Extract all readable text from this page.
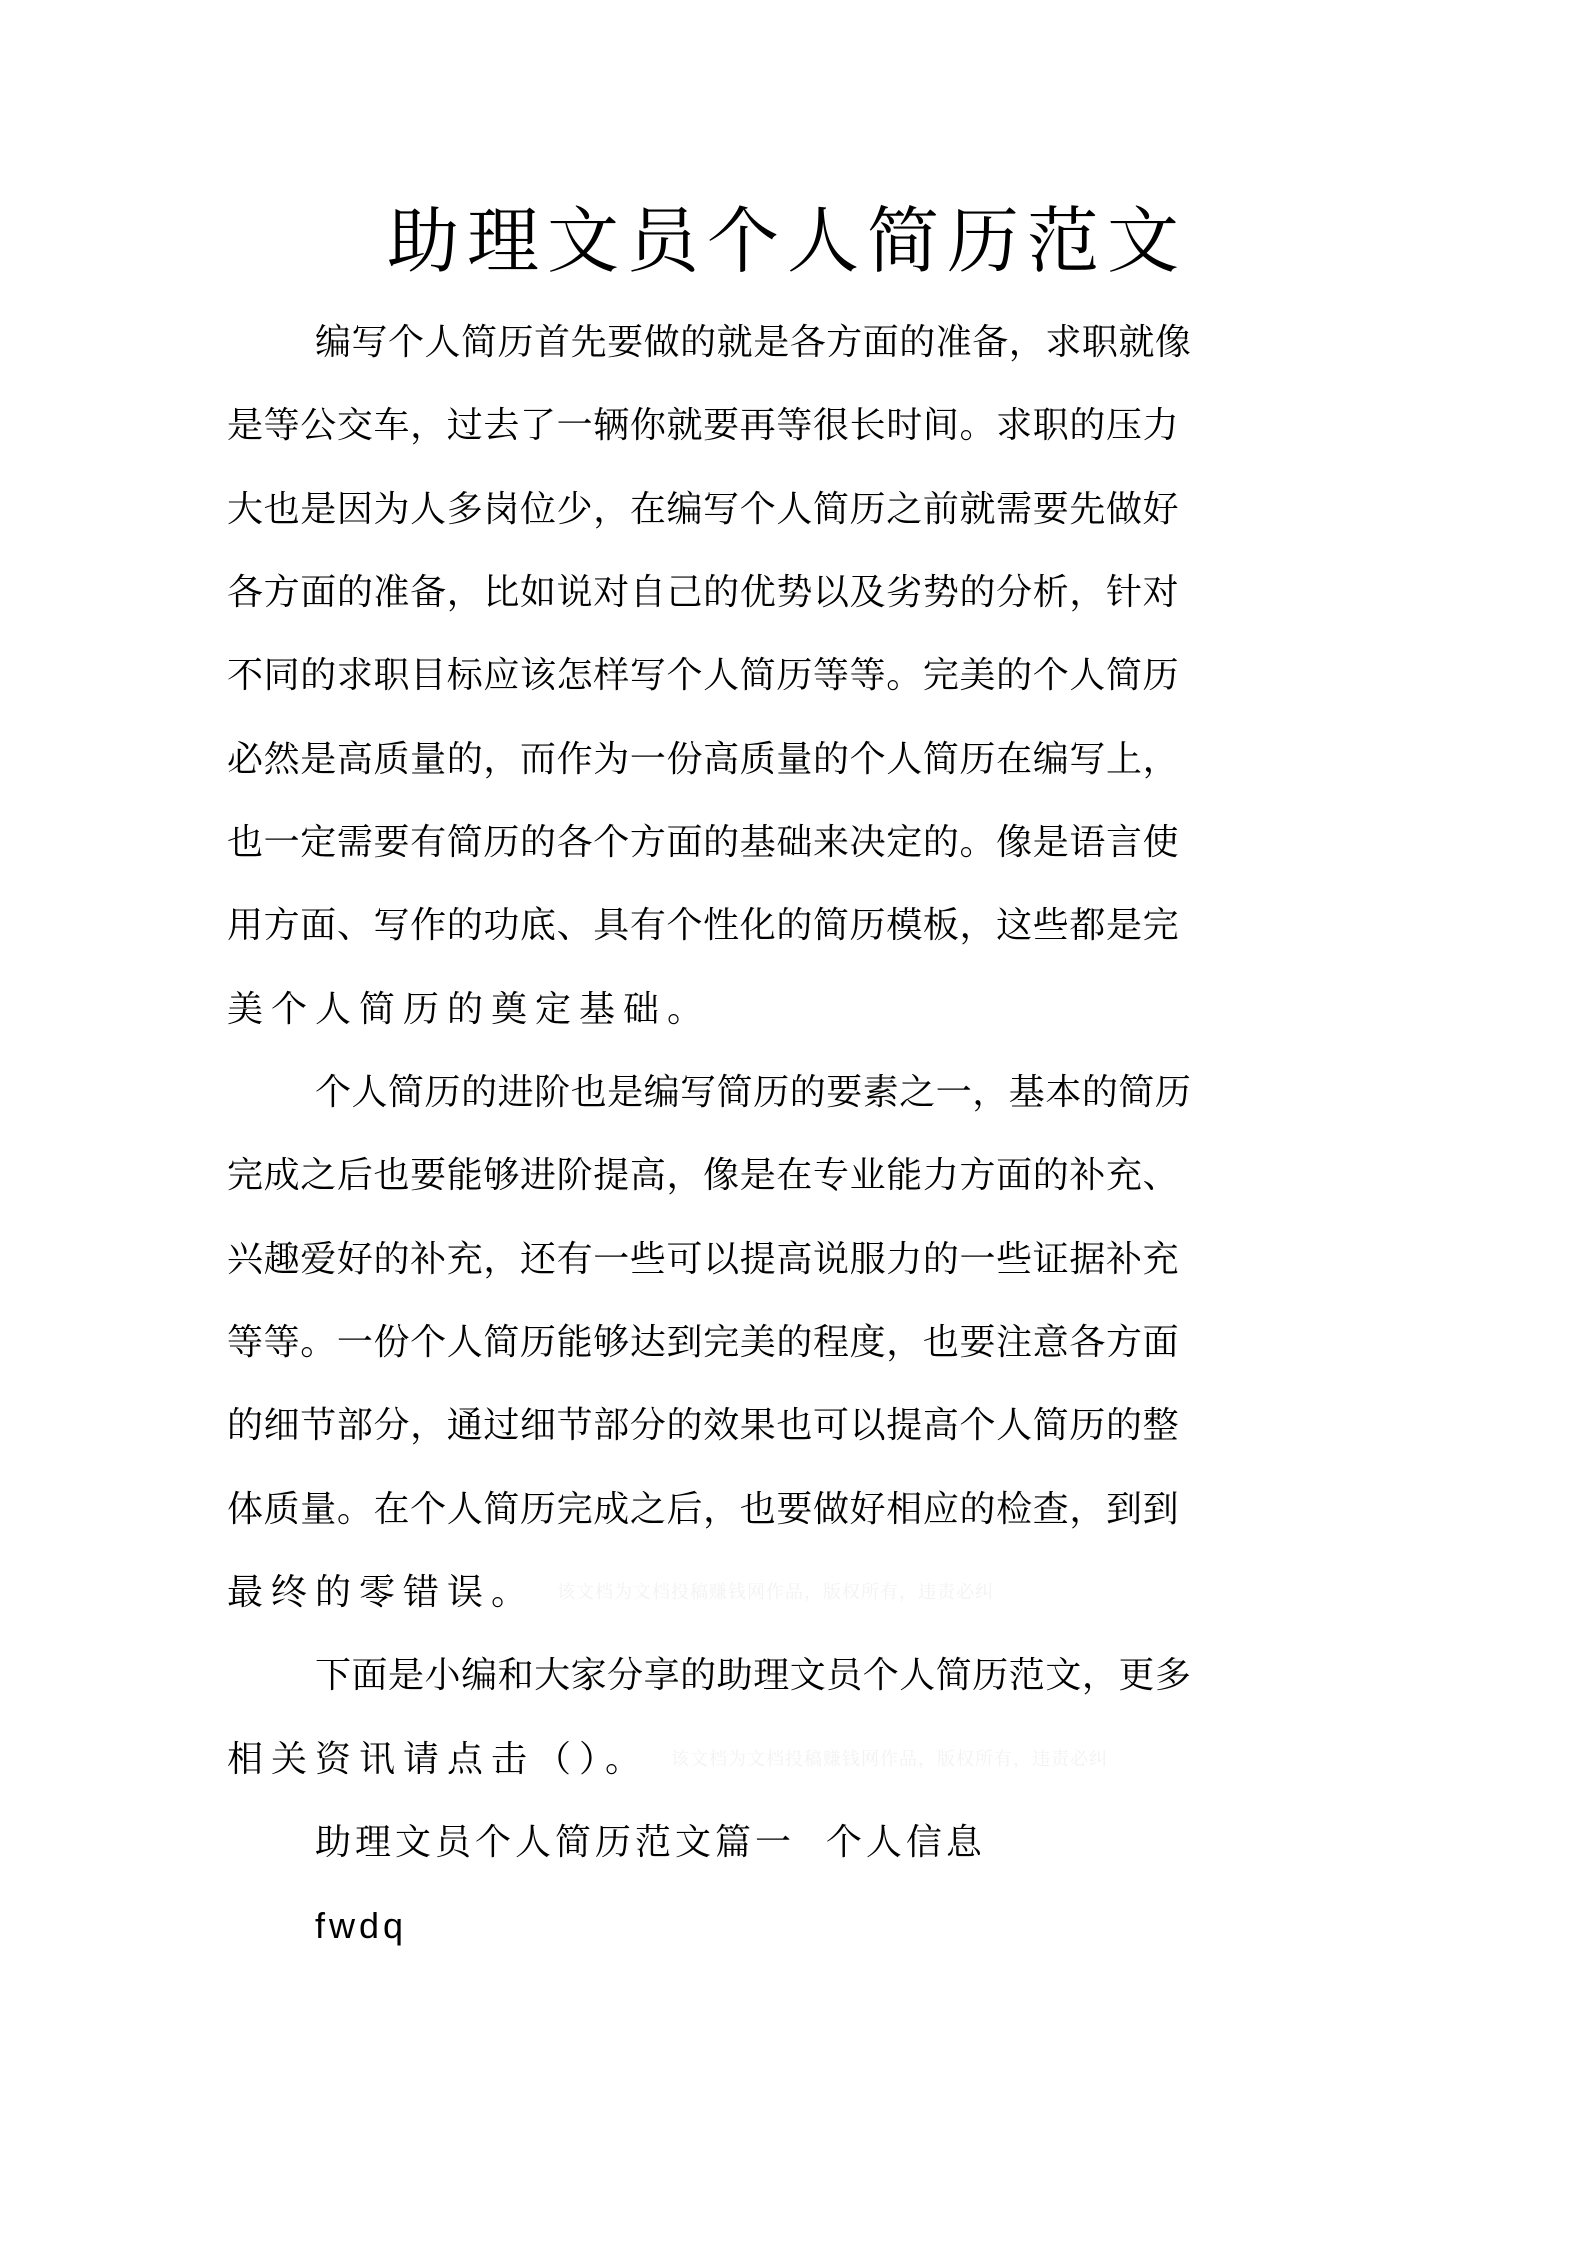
助理文员个人简历范文
编 写 个 人 简 历 首 先 要 做 的 就 是 各 方 面 的 准 备 ， 求 职 就 像
是 等 公 交 车 ， 过 去 了 一 辆 你 就 要 再 等 很 长 时 间 。 求 职 的 压 力
大 也 是 因 为 人 多 岗 位 少 ， 在 编 写 个 人 简 历 之 前 就 需 要 先 做 好
各 方 面 的 准 备 ， 比 如 说 对 自 己 的 优 势 以 及 劣 势 的 分 析 ， 针 对
不 同 的 求 职 目 标 应 该 怎 样 写 个 人 简 历 等 等 。 完 美 的 个 人 简 历
必 然 是 高 质 量 的 ， 而 作 为 一 份 高 质 量 的 个 人 简 历 在 编 写 上 ，
也 一 定 需 要 有 简 历 的 各 个 方 面 的 基 础 来 决 定 的 。 像 是 语 言 使
用 方 面 、 写 作 的 功 底 、 具 有 个 性 化 的 简 历 模 板 ， 这 些 都 是 完
美个人简历的奠定基础。
个 人 简 历 的 进 阶 也 是 编 写 简 历 的 要 素 之 一 ， 基 本 的 简 历
完 成 之 后 也 要 能 够 进 阶 提 高 ， 像 是 在 专 业 能 力 方 面 的 补 充 、
兴 趣 爱 好 的 补 充 ， 还 有 一 些 可 以 提 高 说 服 力 的 一 些 证 据 补 充
等 等 。 一 份 个 人 简 历 能 够 达 到 完 美 的 程 度 ， 也 要 注 意 各 方 面
的 细 节 部 分 ， 通 过 细 节 部 分 的 效 果 也 可 以 提 高 个 人 简 历 的 整
体 质 量 。 在 个 人 简 历 完 成 之 后 ， 也 要 做 好 相 应 的 检 查 ， 到 到
最终的零错误。 该文档为文档投稿赚钱网作品，版权所有，违责必纠
下 面 是 小 编 和 大 家 分 享 的 助 理 文 员 个 人 简 历 范 文 ， 更 多
相关资讯请点击（）。 该文档为文档投稿赚钱网作品，版权所有，违责必纠
助理文员个人简历范文篇一  个人信息
fwdq
